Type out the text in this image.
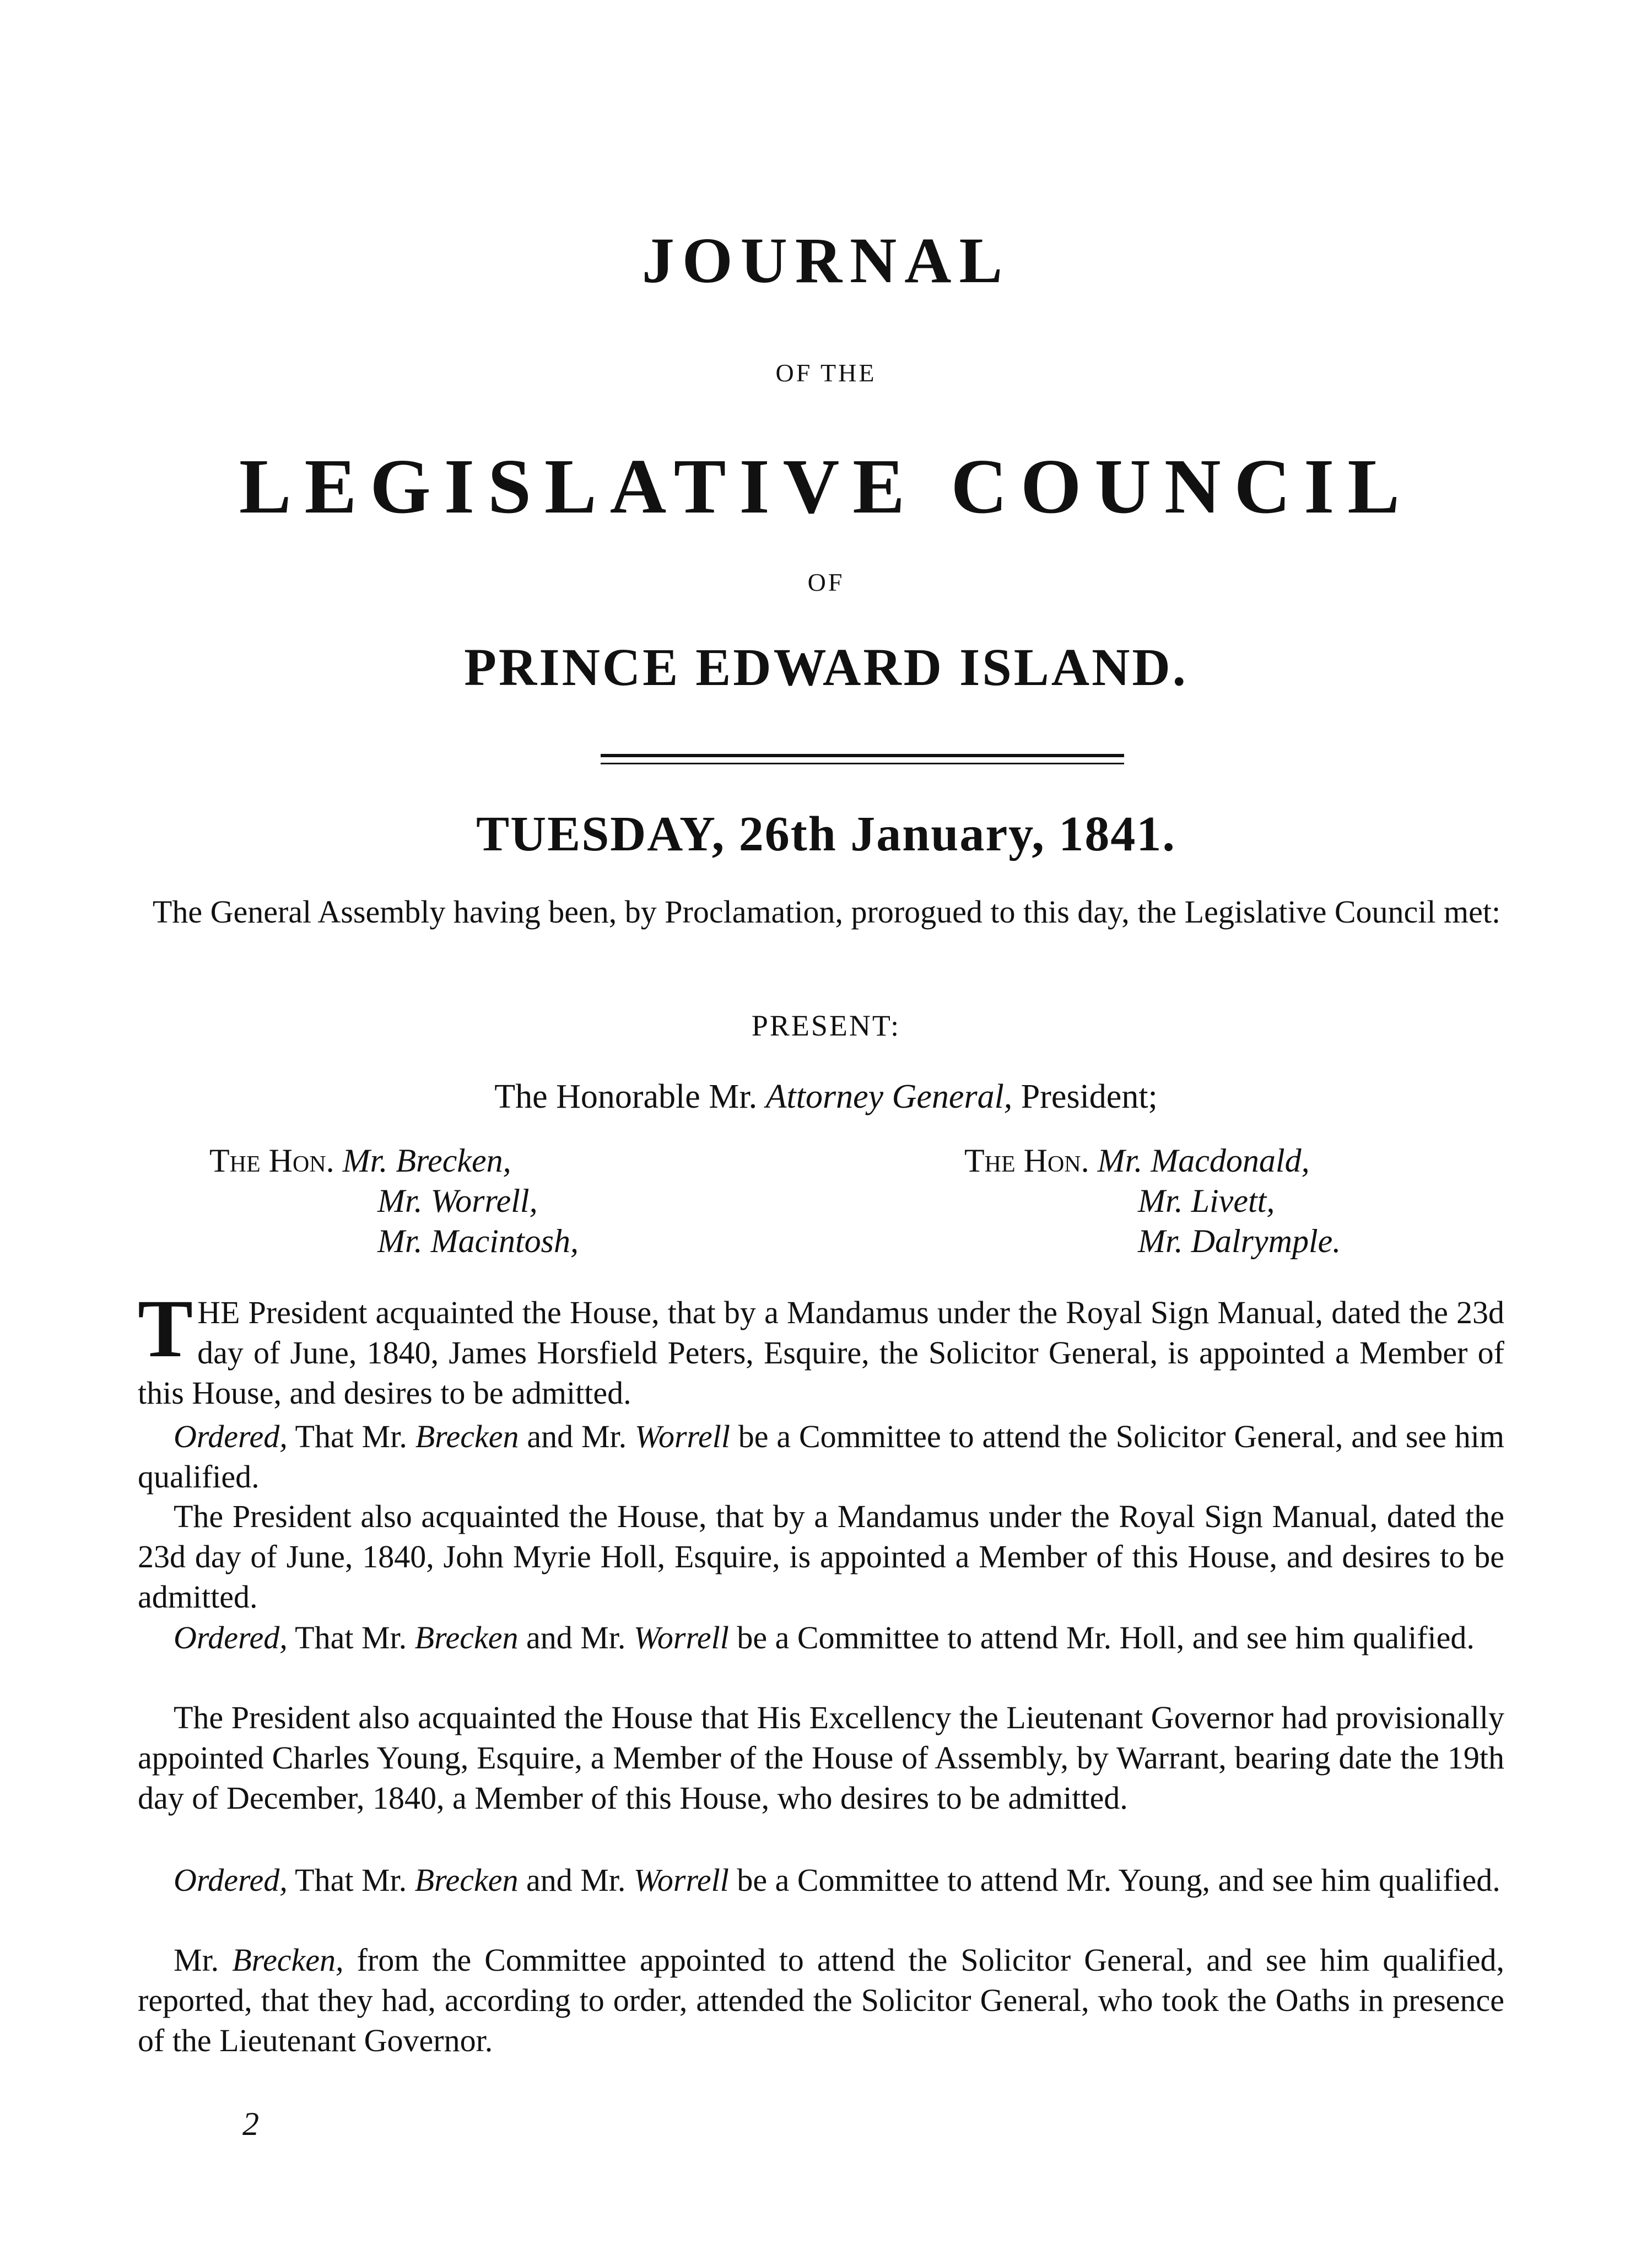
JOURNAL
OF THE
LEGISLATIVE COUNCIL
OF
PRINCE EDWARD ISLAND.
TUESDAY, 26th January, 1841.
The General Assembly having been, by Proclamation, prorogued to this day, the Legislative Council met:
PRESENT:
The Honorable Mr. Attorney General, President;
The Hon. Mr. Brecken,
Mr. Worrell,
Mr. Macintosh,
The Hon. Mr. Macdonald,
Mr. Livett,
Mr. Dalrymple.
THE President acquainted the House, that by a Mandamus under the Royal Sign Manual, dated the 23d day of June, 1840, James Horsfield Peters, Esquire, the Solicitor General, is appointed a Member of this House, and desires to be admitted.
Ordered, That Mr. Brecken and Mr. Worrell be a Committee to attend the Solicitor General, and see him qualified.
The President also acquainted the House, that by a Mandamus under the Royal Sign Manual, dated the 23d day of June, 1840, John Myrie Holl, Esquire, is appointed a Member of this House, and desires to be admitted.
Ordered, That Mr. Brecken and Mr. Worrell be a Committee to attend Mr. Holl, and see him qualified.
The President also acquainted the House that His Excellency the Lieutenant Governor had provisionally appointed Charles Young, Esquire, a Member of the House of Assembly, by Warrant, bearing date the 19th day of December, 1840, a Member of this House, who desires to be admitted.
Ordered, That Mr. Brecken and Mr. Worrell be a Committee to attend Mr. Young, and see him qualified.
Mr. Brecken, from the Committee appointed to attend the Solicitor General, and see him qualified, reported, that they had, according to order, attended the Solicitor General, who took the Oaths in presence of the Lieutenant Governor.
2
